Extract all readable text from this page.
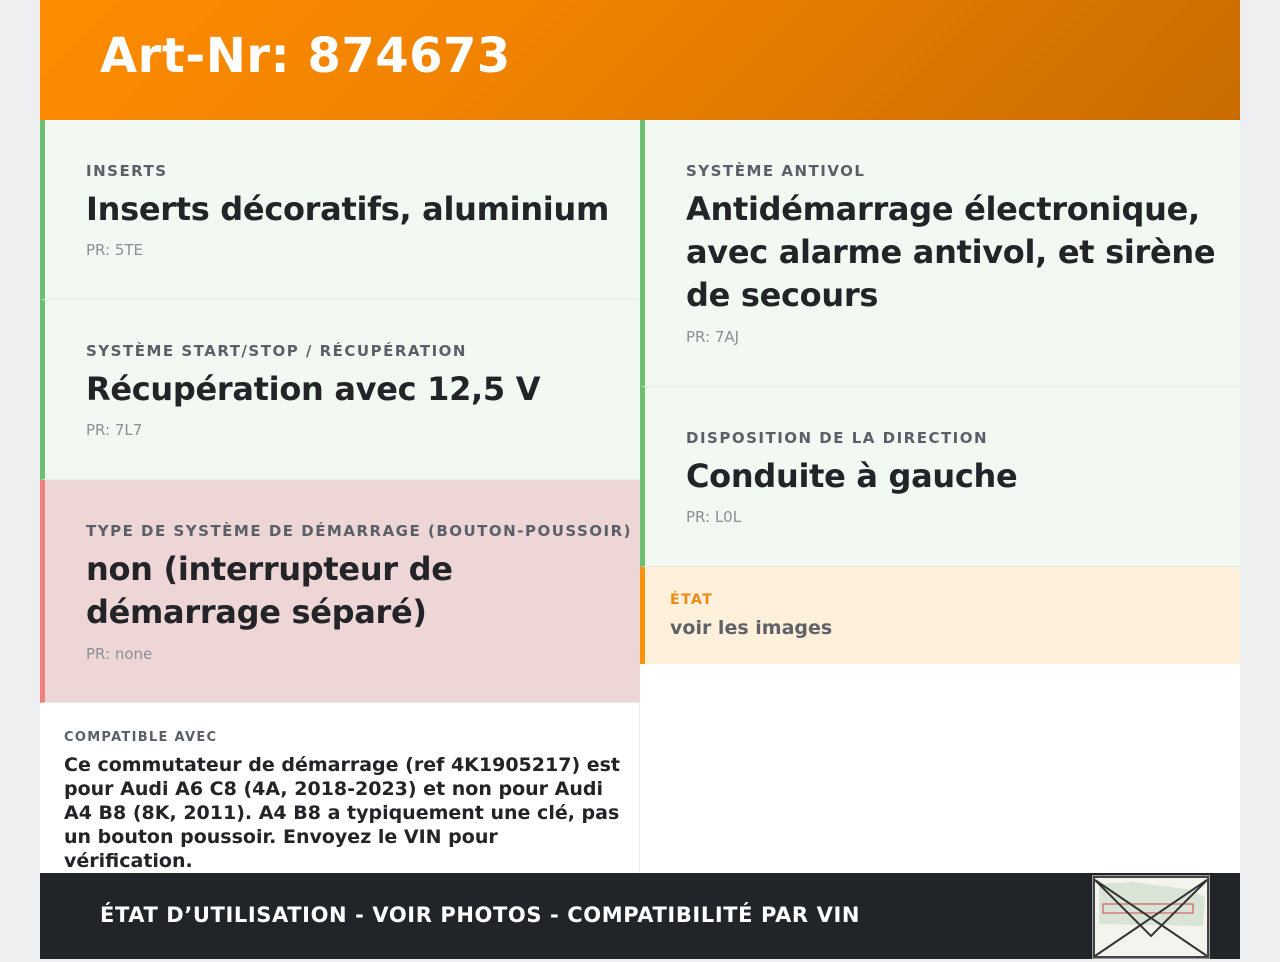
Art-Nr: 874673
INSERTS
Inserts décoratifs, aluminium
PR: 5TE
SYSTÈME ANTIVOL
Antidémarrage électronique, avec alarme antivol, et sirène de secours
PR: 7AJ
SYSTÈME START/STOP / RÉCUPÉRATION
Récupération avec 12,5 V
PR: 7L7	DISPOSITION DE LA DIRECTION
Conduite à gauche
PR: L0L
TYPE DE SYSTÈME DE DÉMARRAGE (BOUTON-POUSSOIR)
non (interrupteur de démarrage séparé)
PR: none
ÉTAT
voir les images
COMPATIBLE AVEC
Ce commutateur de démarrage (ref 4K1905217) est pour Audi A6 C8 (4A, 2018-2023) et non pour Audi A4 B8 (8K, 2011). A4 B8 a typiquement une clé, pas un bouton poussoir. Envoyez le VIN pour vérification.
ÉTAT D’UTILISATION - VOIR PHOTOS - COMPATIBILITÉ PAR VIN
